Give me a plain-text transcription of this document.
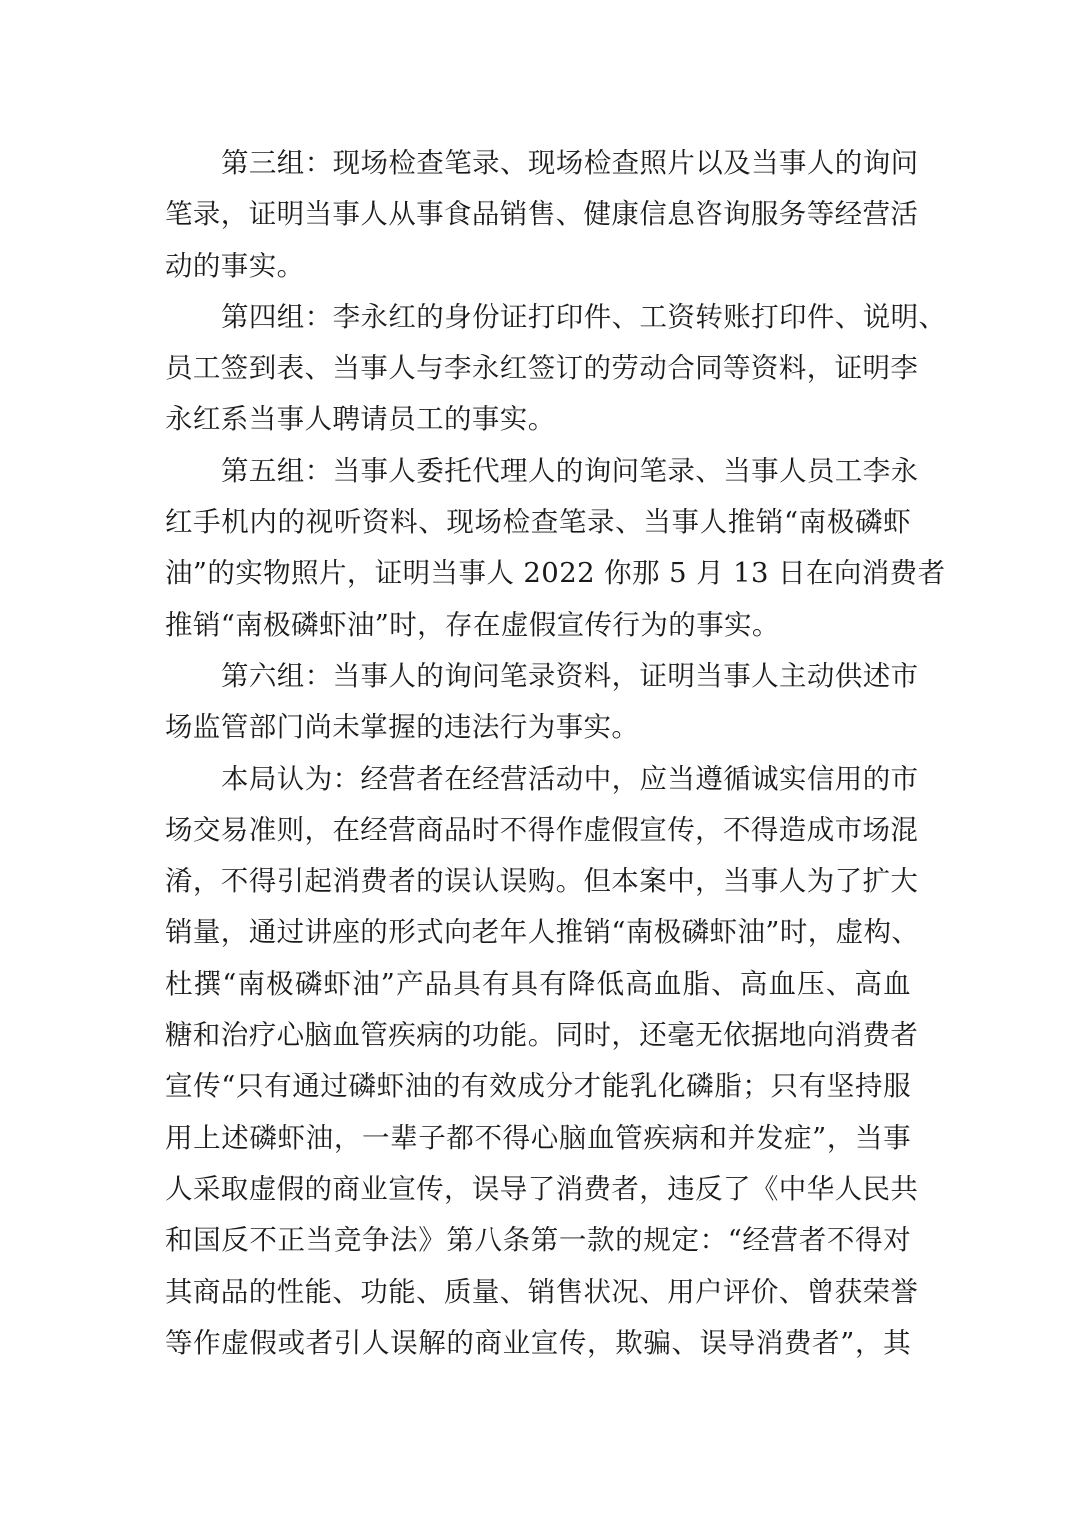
第三组：现场检查笔录、现场检查照片以及当事人的询问
笔录，证明当事人从事食品销售、健康信息咨询服务等经营活
动的事实。
第四组：李永红的身份证打印件、工资转账打印件、说明、
员工签到表、当事人与李永红签订的劳动合同等资料，证明李
永红系当事人聘请员工的事实。
第五组：当事人委托代理人的询问笔录、当事人员工李永
红手机内的视听资料、现场检查笔录、当事人推销“南极磷虾
油”的实物照片，证明当事人 2022 你那 5 月 13 日在向消费者
推销“南极磷虾油”时，存在虚假宣传行为的事实。
第六组：当事人的询问笔录资料，证明当事人主动供述市
场监管部门尚未掌握的违法行为事实。
本局认为：经营者在经营活动中，应当遵循诚实信用的市
场交易准则，在经营商品时不得作虚假宣传，不得造成市场混
淆，不得引起消费者的误认误购。但本案中，当事人为了扩大
销量，通过讲座的形式向老年人推销“南极磷虾油”时，虚构、
杜撰“南极磷虾油”产品具有具有降低高血脂、高血压、高血
糖和治疗心脑血管疾病的功能。同时，还毫无依据地向消费者
宣传“只有通过磷虾油的有效成分才能乳化磷脂；只有坚持服
用上述磷虾油，一辈子都不得心脑血管疾病和并发症”，当事
人采取虚假的商业宣传，误导了消费者，违反了《中华人民共
和国反不正当竞争法》第八条第一款的规定：“经营者不得对
其商品的性能、功能、质量、销售状况、用户评价、曾获荣誉
等作虚假或者引人误解的商业宣传，欺骗、误导消费者”，其
